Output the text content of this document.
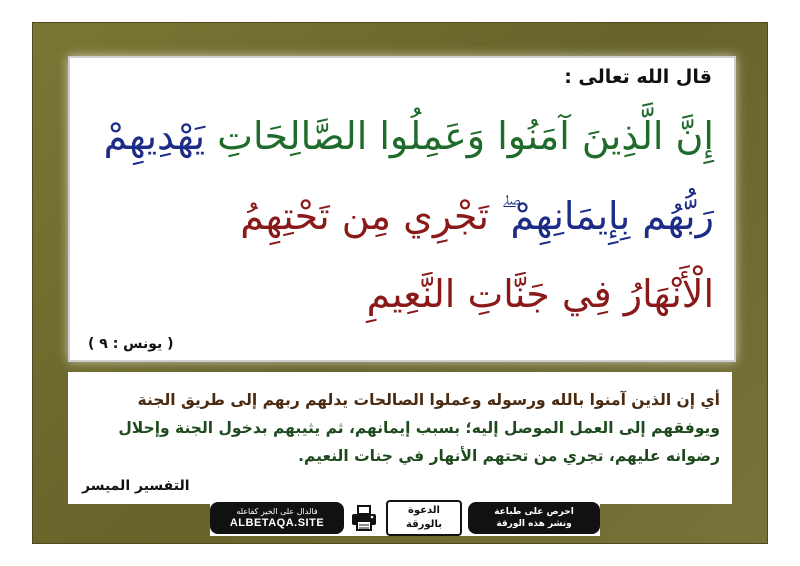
قال الله تعالى :
إِنَّ الَّذِينَ آمَنُوا وَعَمِلُوا الصَّالِحَاتِ يَهْدِيهِمْ
رَبُّهُم بِإِيمَانِهِمْ ۖ تَجْرِي مِن تَحْتِهِمُ
الْأَنْهَارُ فِي جَنَّاتِ النَّعِيمِ
( يونس : ٩ )
أي إن الذين آمنوا بالله ورسوله وعملوا الصالحات يدلهم ربهم إلى طريق الجنة
ويوفقهم إلى العمل الموصل إليه؛ بسبب إيمانهم، ثم يثيبهم بدخول الجنة وإحلال
رضوانه عليهم، تجري من تحتهم الأنهار في جنات النعيم.
التفسير الميسر
فالدال على الخير كفاعله
ALBETAQA.SITE
الدعوة
بالورقة
احرص على طباعة
ونشر هذه الورقة
